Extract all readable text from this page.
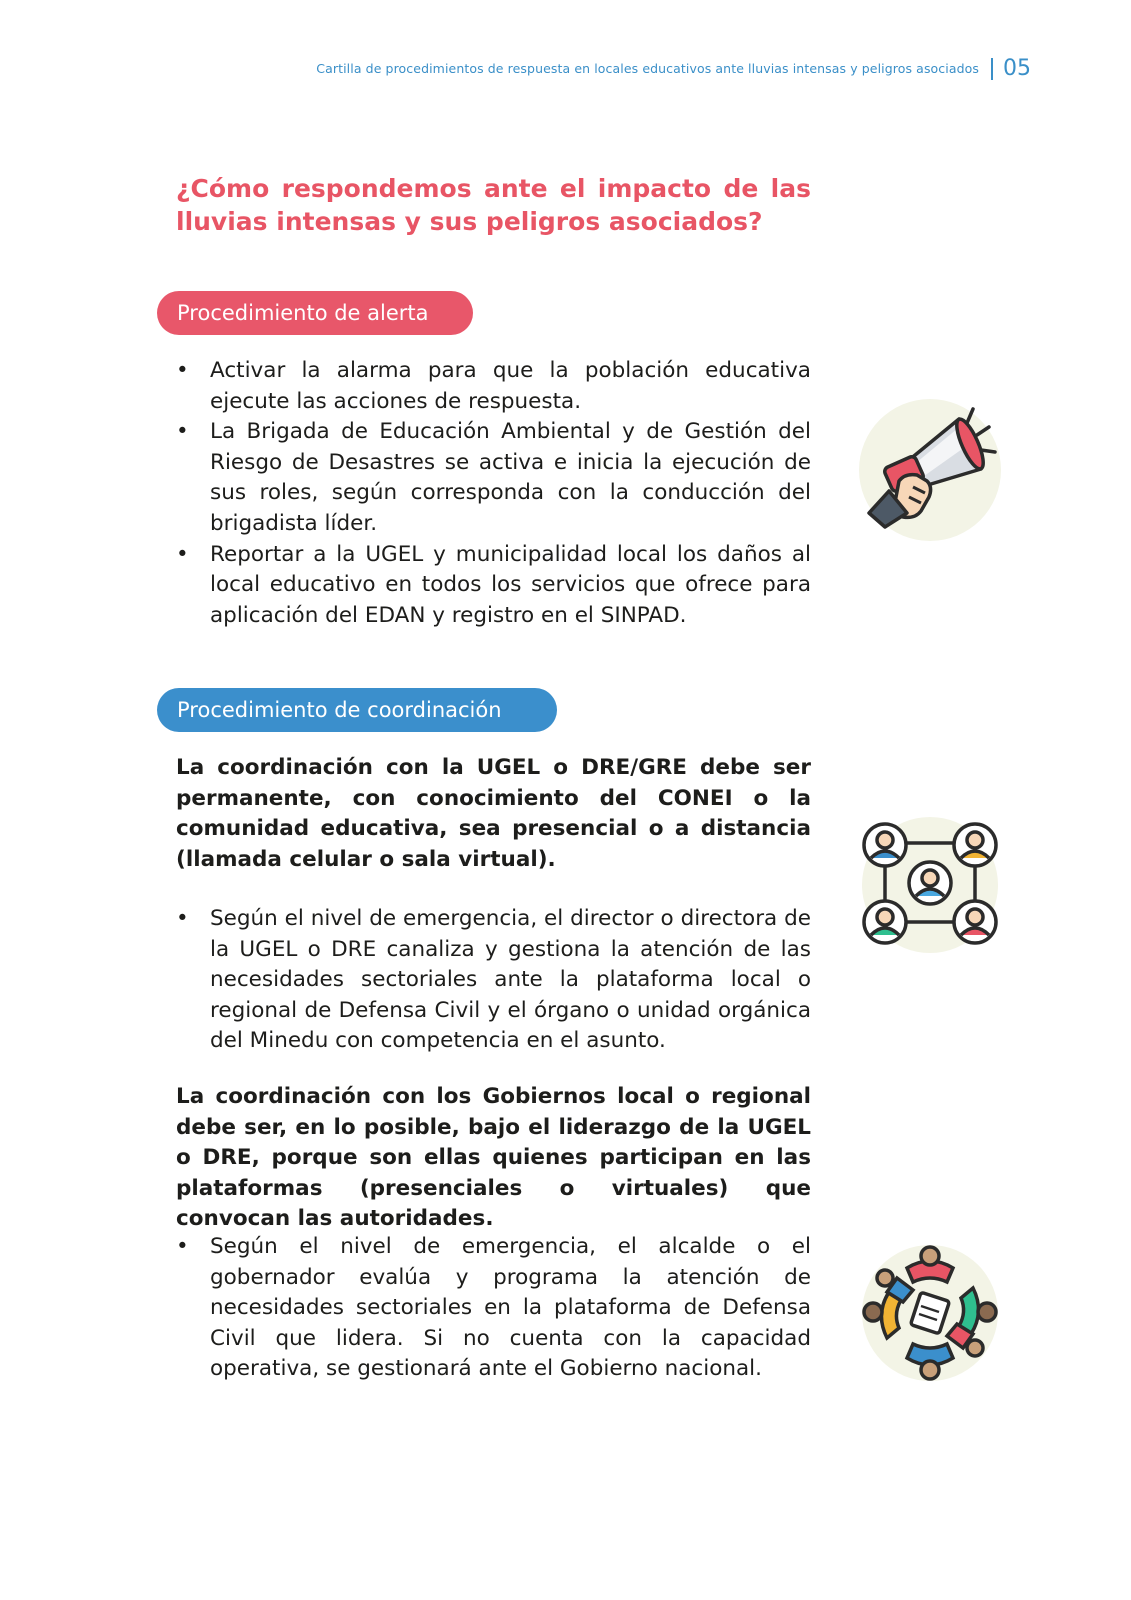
Cartilla de procedimientos de respuesta en locales educativos ante lluvias intensas y peligros asociados 05
¿Cómo respondemos ante el impacto de las lluvias intensas y sus peligros asociados?
Procedimiento de alerta
• Activar la alarma para que la población educativa ejecute las acciones de respuesta.
• La Brigada de Educación Ambiental y de Gestión del Riesgo de Desastres se activa e inicia la ejecución de sus roles, según corresponda con la conducción del brigadista líder.
• Reportar a la UGEL y municipalidad local los daños al local educativo en todos los servicios que ofrece para aplicación del EDAN y registro en el SINPAD.
Procedimiento de coordinación

La coordinación con la UGEL o DRE/GRE debe ser permanente, con conocimiento del CONEI o la comunidad educativa, sea presencial o a distancia (llamada celular o sala virtual).

• Según el nivel de emergencia, el director o directora de la UGEL o DRE canaliza y gestiona la atención de las necesidades sectoriales ante la plataforma local o regional de Defensa Civil y el órgano o unidad orgánica del Minedu con competencia en el asunto.

La coordinación con los Gobiernos local o regional debe ser, en lo posible, bajo el liderazgo de la UGEL o DRE, porque son ellas quienes participan en las plataformas (presenciales o virtuales) que convocan las autoridades.

• Según el nivel de emergencia, el alcalde o el gobernador evalúa y programa la atención de necesidades sectoriales en la plataforma de Defensa Civil que lidera. Si no cuenta con la capacidad operativa, se gestionará ante el Gobierno nacional.
